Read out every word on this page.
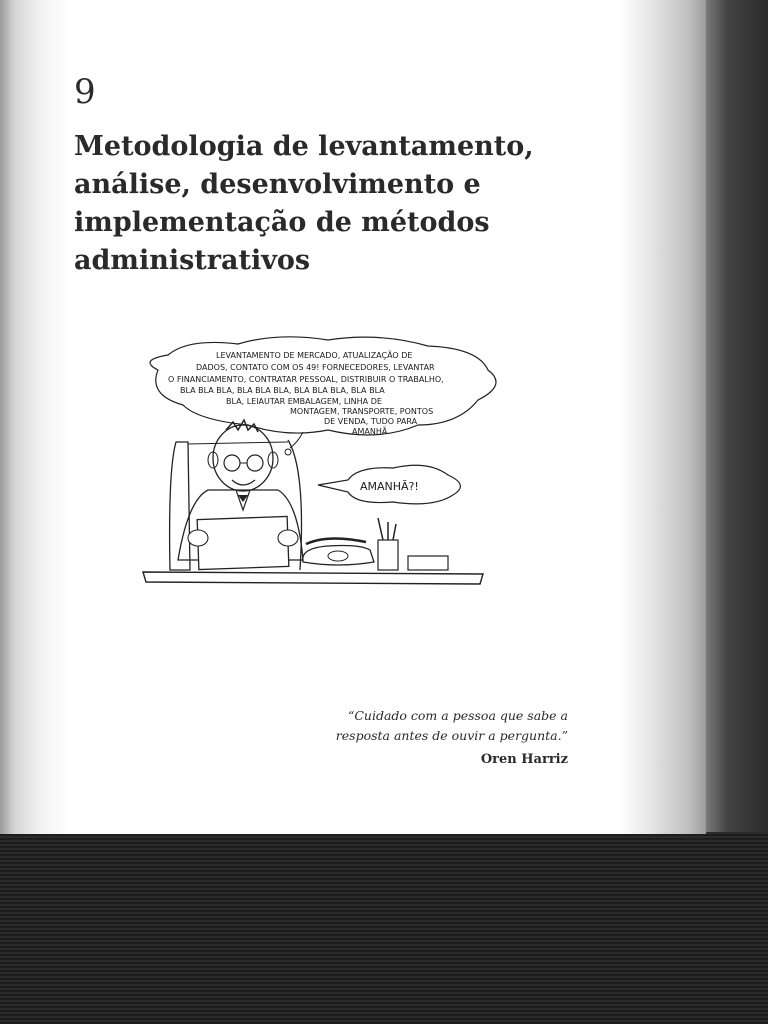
9
Metodologia de levantamento, análise, desenvolvimento e implementação de métodos administrativos
LEVANTAMENTO DE MERCADO, ATUALIZAÇÃO DE
DADOS, CONTATO COM OS 49! FORNECEDORES, LEVANTAR
O FINANCIAMENTO, CONTRATAR PESSOAL, DISTRIBUIR O TRABALHO,
BLA BLA BLA, BLA BLA BLA, BLA BLA BLA, BLA BLA
BLA, LEIAUTAR EMBALAGEM, LINHA DE
MONTAGEM, TRANSPORTE, PONTOS
DE VENDA, TUDO PARA
AMANHÃ.
AMANHÃ?!
“Cuidado com a pessoa que sabe a
resposta antes de ouvir a pergunta.”
Oren Harriz
